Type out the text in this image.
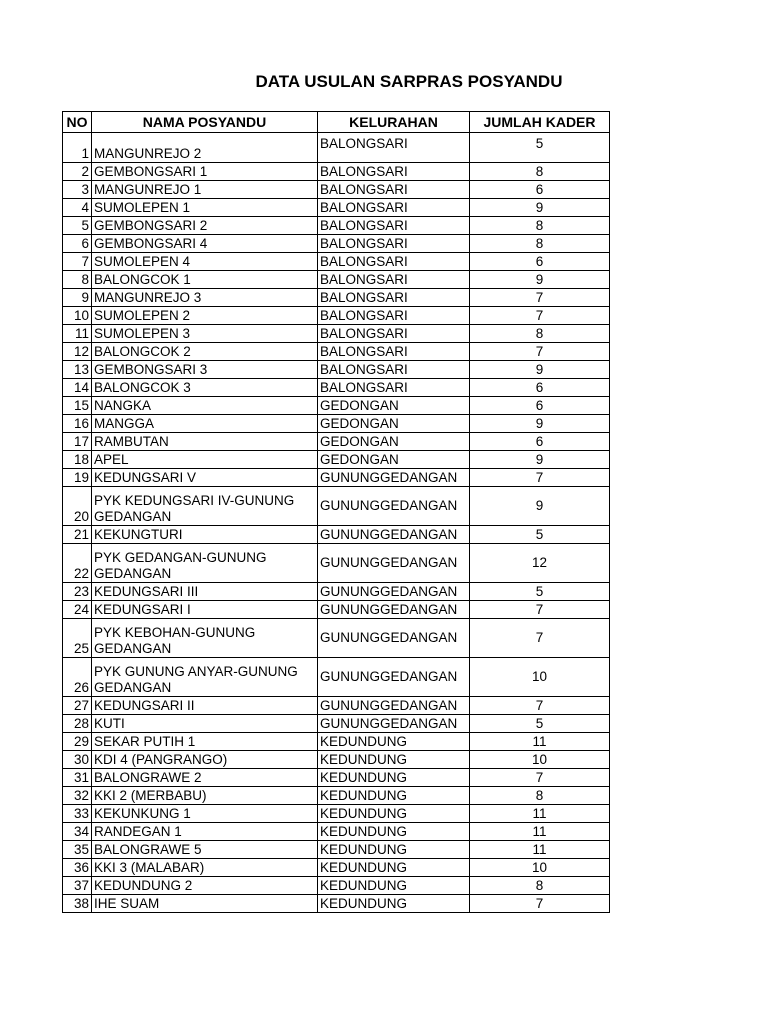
DATA USULAN SARPRAS POSYANDU
NO	NAMA POSYANDU	KELURAHAN	JUMLAH KADER
1	MANGUNREJO 2	BALONGSARI	5
2	GEMBONGSARI 1	BALONGSARI	8
3	MANGUNREJO 1	BALONGSARI	6
4	SUMOLEPEN 1	BALONGSARI	9
5	GEMBONGSARI 2	BALONGSARI	8
6	GEMBONGSARI 4	BALONGSARI	8
7	SUMOLEPEN 4	BALONGSARI	6
8	BALONGCOK 1	BALONGSARI	9
9	MANGUNREJO 3	BALONGSARI	7
10	SUMOLEPEN 2	BALONGSARI	7
11	SUMOLEPEN 3	BALONGSARI	8
12	BALONGCOK 2	BALONGSARI	7
13	GEMBONGSARI 3	BALONGSARI	9
14	BALONGCOK 3	BALONGSARI	6
15	NANGKA	GEDONGAN	6
16	MANGGA	GEDONGAN	9
17	RAMBUTAN	GEDONGAN	6
18	APEL	GEDONGAN	9
19	KEDUNGSARI V	GUNUNGGEDANGAN	7
20	PYK KEDUNGSARI IV-GUNUNG GEDANGAN	GUNUNGGEDANGAN	9
21	KEKUNGTURI	GUNUNGGEDANGAN	5
22	PYK GEDANGAN-GUNUNG GEDANGAN	GUNUNGGEDANGAN	12
23	KEDUNGSARI III	GUNUNGGEDANGAN	5
24	KEDUNGSARI I	GUNUNGGEDANGAN	7
25	PYK KEBOHAN-GUNUNG GEDANGAN	GUNUNGGEDANGAN	7
26	PYK GUNUNG ANYAR-GUNUNG GEDANGAN	GUNUNGGEDANGAN	10
27	KEDUNGSARI II	GUNUNGGEDANGAN	7
28	KUTI	GUNUNGGEDANGAN	5
29	SEKAR PUTIH 1	KEDUNDUNG	11
30	KDI 4 (PANGRANGO)	KEDUNDUNG	10
31	BALONGRAWE 2	KEDUNDUNG	7
32	KKI 2 (MERBABU)	KEDUNDUNG	8
33	KEKUNKUNG 1	KEDUNDUNG	11
34	RANDEGAN 1	KEDUNDUNG	11
35	BALONGRAWE 5	KEDUNDUNG	11
36	KKI 3 (MALABAR)	KEDUNDUNG	10
37	KEDUNDUNG 2	KEDUNDUNG	8
38	IHE SUAM	KEDUNDUNG	7
